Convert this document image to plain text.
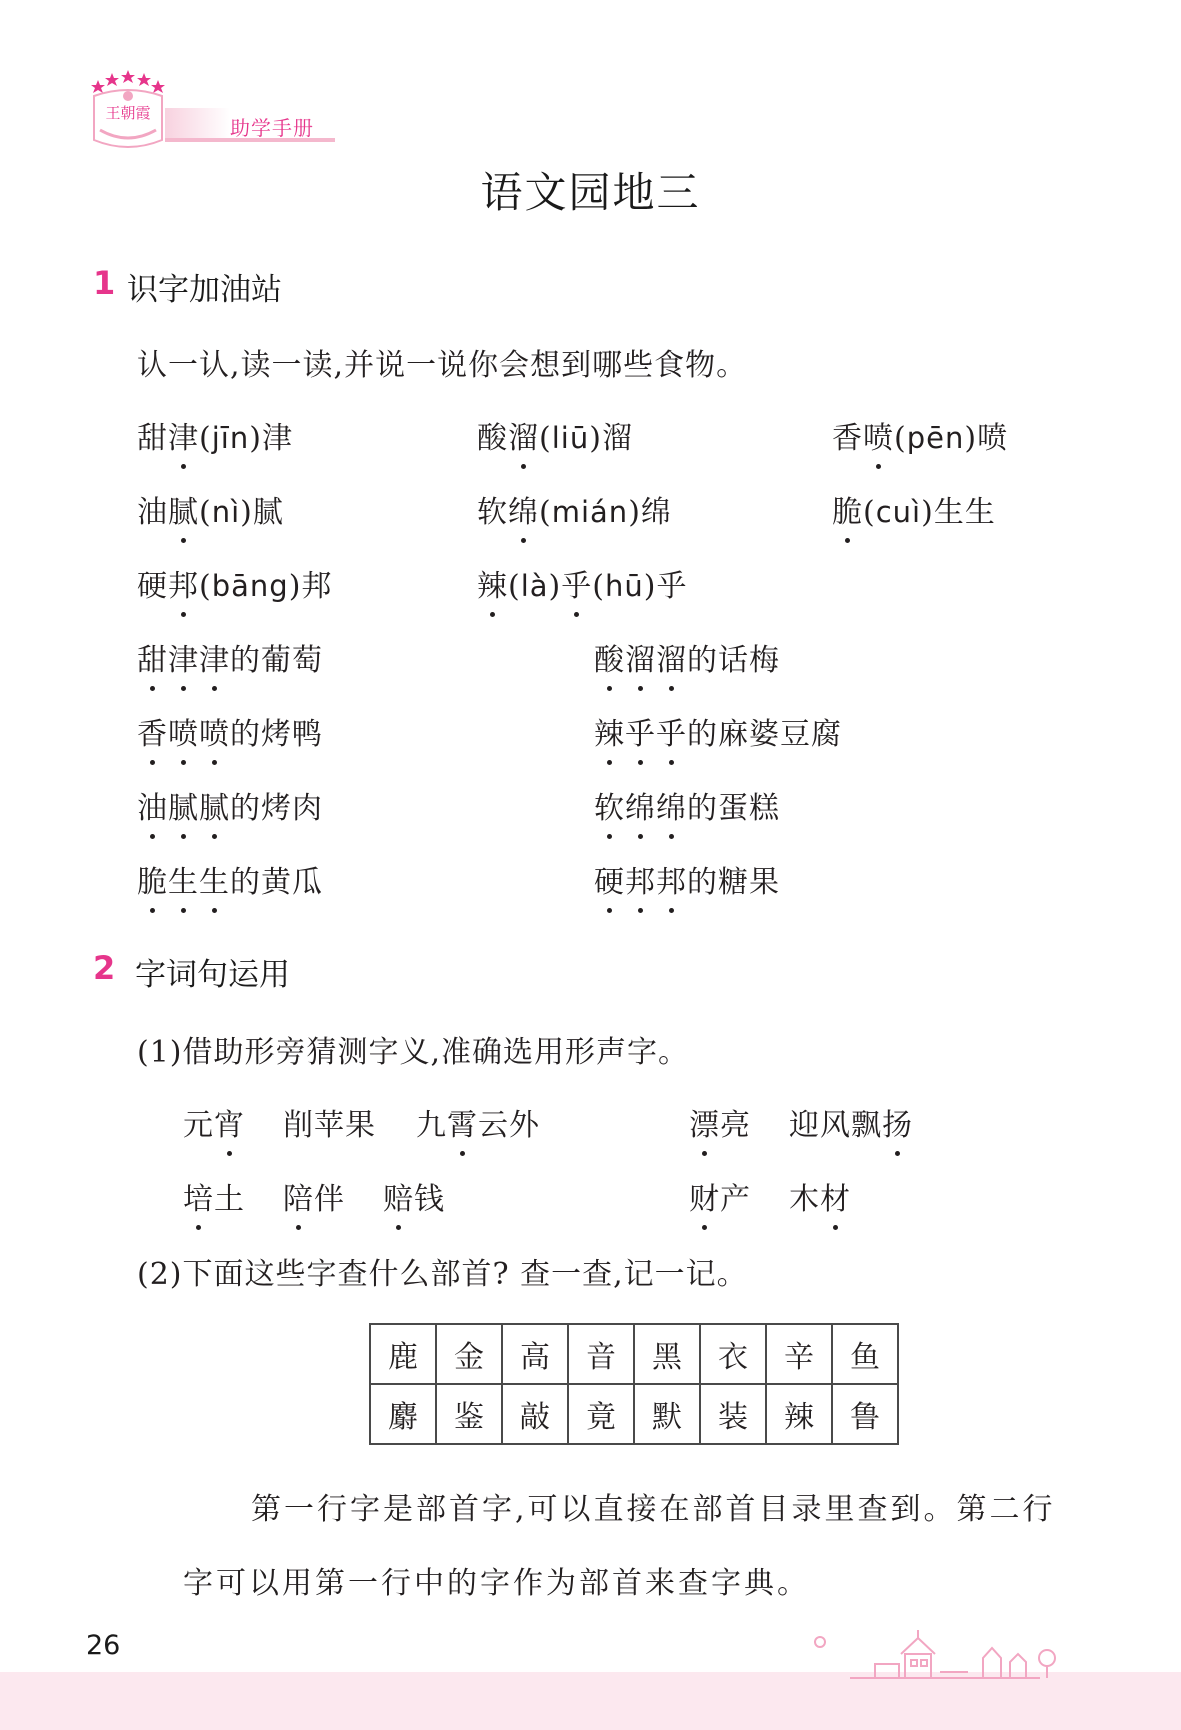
王朝霞
助学手册
语文园地三
1 识字加油站
认一认,读一读,并说一说你会想到哪些食物。
甜津(jīn)津	酸溜(liū)溜	香喷(pēn)喷
油腻(nì)腻	软绵(mián)绵	脆(cuì)生生
硬邦(bāng)邦	辣(là)乎(hū)乎
甜津津的葡萄	酸溜溜的话梅
香喷喷的烤鸭	辣乎乎的麻婆豆腐
油腻腻的烤肉	软绵绵的蛋糕
脆生生的黄瓜	硬邦邦的糖果
2 字词句运用
(1)借助形旁猜测字义,准确选用形声字。
元宵 削苹果 九霄云外	漂亮 迎风飘扬
培土 陪伴 赔钱	财产 木材
(2)下面这些字查什么部首? 查一查,记一记。
鹿	金	高	音	黑	衣	辛	鱼
麝	鉴	敲	竟	默	装	辣	鲁
第一行字是部首字,可以直接在部首目录里查到。第二行
字可以用第一行中的字作为部首来查字典。
26
